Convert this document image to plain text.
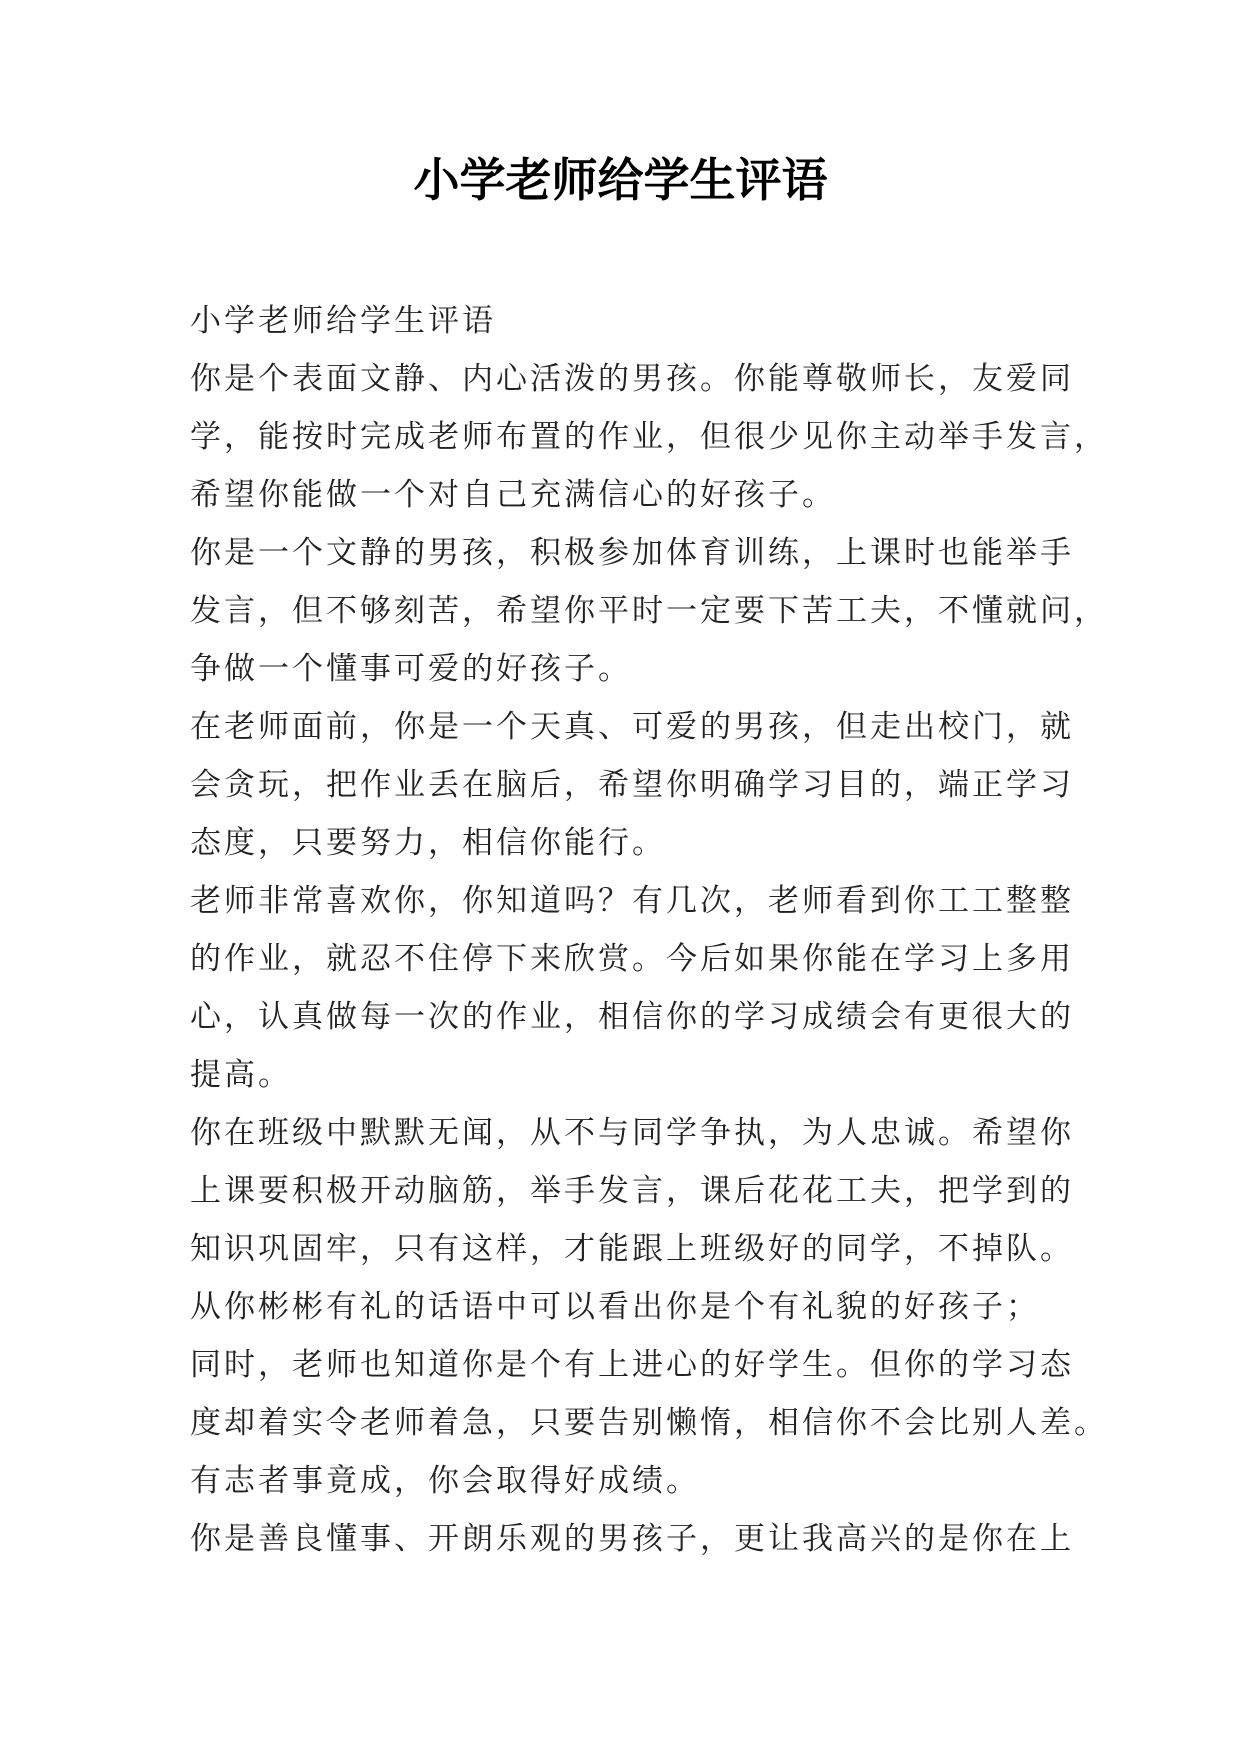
小学老师给学生评语
小学老师给学生评语
你是个表面文静、内心活泼的男孩。你能尊敬师长，友爱同
学，能按时完成老师布置的作业，但很少见你主动举手发言，
希望你能做一个对自己充满信心的好孩子。
你是一个文静的男孩，积极参加体育训练，上课时也能举手
发言，但不够刻苦，希望你平时一定要下苦工夫，不懂就问，
争做一个懂事可爱的好孩子。
在老师面前，你是一个天真、可爱的男孩，但走出校门，就
会贪玩，把作业丢在脑后，希望你明确学习目的，端正学习
态度，只要努力，相信你能行。
老师非常喜欢你，你知道吗？有几次，老师看到你工工整整
的作业，就忍不住停下来欣赏。今后如果你能在学习上多用
心，认真做每一次的作业，相信你的学习成绩会有更很大的
提高。
你在班级中默默无闻，从不与同学争执，为人忠诚。希望你
上课要积极开动脑筋，举手发言，课后花花工夫，把学到的
知识巩固牢，只有这样，才能跟上班级好的同学，不掉队。
从你彬彬有礼的话语中可以看出你是个有礼貌的好孩子；
同时，老师也知道你是个有上进心的好学生。但你的学习态
度却着实令老师着急，只要告别懒惰，相信你不会比别人差。
有志者事竟成，你会取得好成绩。
你是善良懂事、开朗乐观的男孩子，更让我高兴的是你在上
